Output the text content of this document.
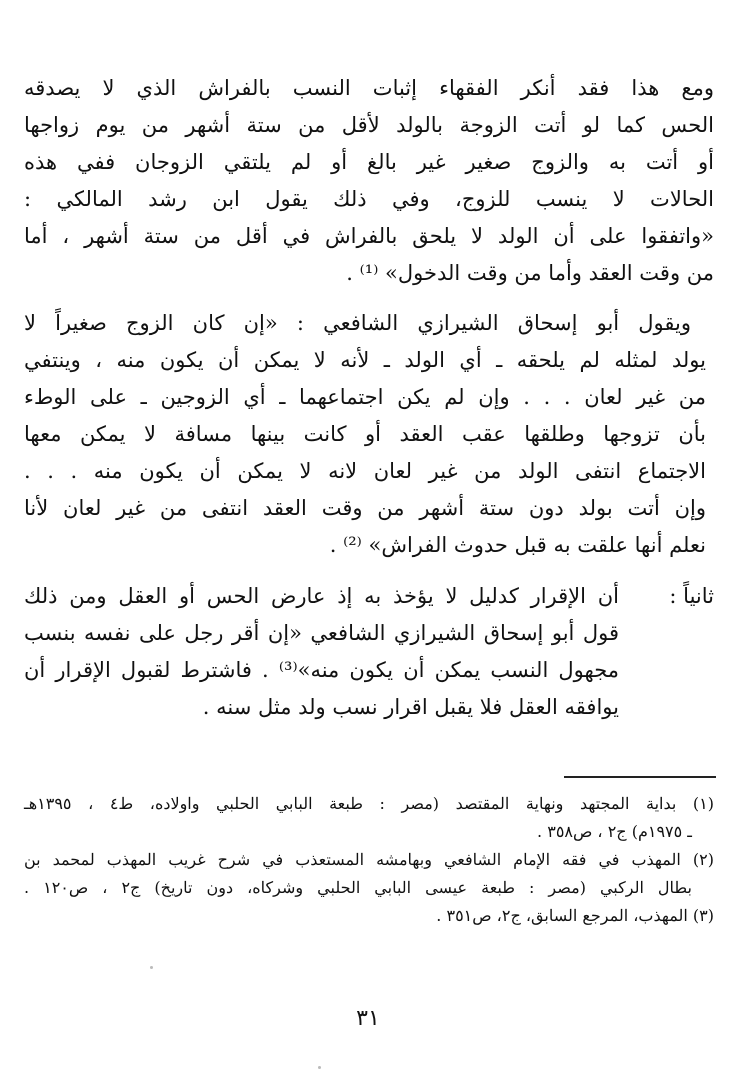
ومع هذا فقد أنكر الفقهاء إثبات النسب بالفراش الذي لا يصدقه
الحس كما لو أتت الزوجة بالولد لأقل من ستة أشهر من يوم زواجها
أو أتت به والزوج صغير غير بالغ أو لم يلتقي الزوجان ففي هذه
الحالات لا ينسب للزوج، وفي ذلك يقول ابن رشد المالكي :
«واتفقوا على أن الولد لا يلحق بالفراش في أقل من ستة أشهر ، أما
من وقت العقد وأما من وقت الدخول» ⁽¹⁾ .
ويقول أبو إسحاق الشيرازي الشافعي : «إن كان الزوج صغيراً لا
يولد لمثله لم يلحقه ـ أي الولد ـ لأنه لا يمكن أن يكون منه ، وينتفي
من غير لعان . . . وإن لم يكن اجتماعهما ـ أي الزوجين ـ على الوطء
بأن تزوجها وطلقها عقب العقد أو كانت بينها مسافة لا يمكن معها
الاجتماع انتفى الولد من غير لعان لانه لا يمكن أن يكون منه . . .
وإن أتت بولد دون ستة أشهر من وقت العقد انتفى من غير لعان لأنا
نعلم أنها علقت به قبل حدوث الفراش» ⁽²⁾ .
ثانياً :
أن الإقرار كدليل لا يؤخذ به إذ عارض الحس أو العقل ومن ذلك
قول أبو إسحاق الشيرازي الشافعي «إن أقر رجل على نفسه بنسب
مجهول النسب يمكن أن يكون منه»⁽³⁾ . فاشترط لقبول الإقرار أن
يوافقه العقل فلا يقبل اقرار نسب ولد مثل سنه .
(١) بداية المجتهد ونهاية المقتصد (مصر : طبعة البابي الحلبي واولاده، ط٤ ، ١٣٩٥هـ
ـ ١٩٧٥م) ج٢ ، ص٣٥٨ .
(٢) المهذب في فقه الإمام الشافعي وبهامشه المستعذب في شرح غريب المهذب لمحمد بن
بطال الركبي (مصر : طبعة عيسى البابي الحلبي وشركاه، دون تاريخ) ج٢ ، ص١٢٠ .
(٣) المهذب، المرجع السابق، ج٢، ص٣٥١ .
٣١
